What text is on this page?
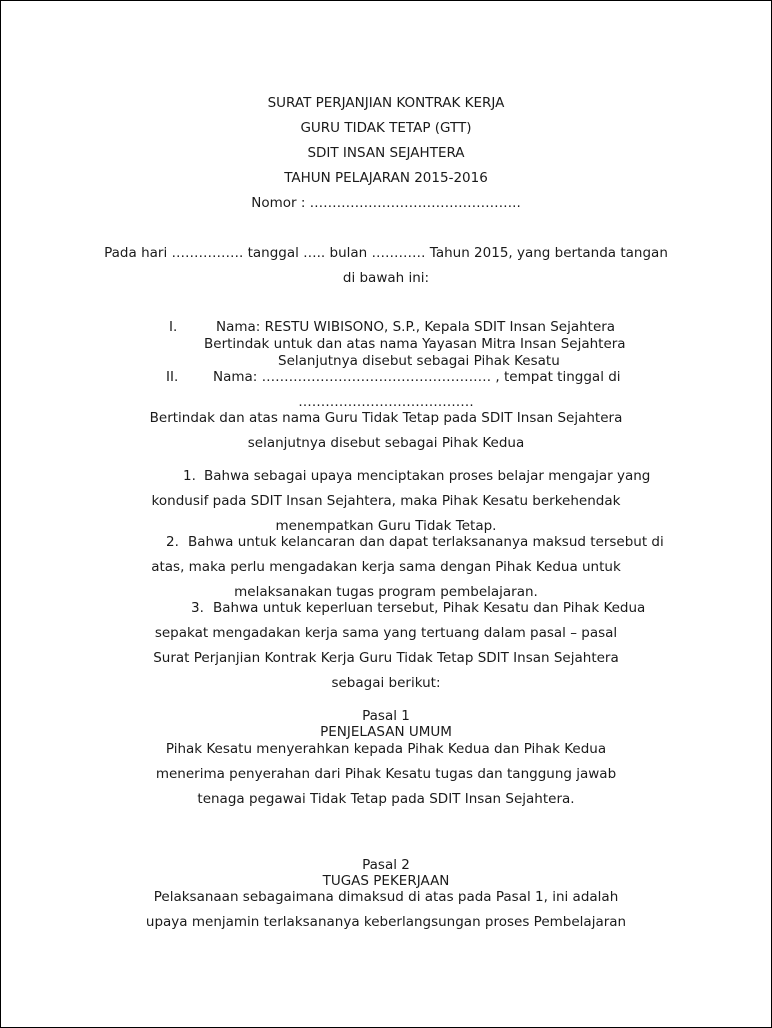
SURAT PERJANJIAN KONTRAK KERJA
GURU TIDAK TETAP (GTT)
SDIT INSAN SEJAHTERA
TAHUN PELAJARAN 2015-2016
Nomor : ………………………………………..
Pada hari ……………. tanggal ….. bulan ………… Tahun 2015, yang bertanda tangan
di bawah ini:
I.	Nama: RESTU WIBISONO, S.P., Kepala SDIT Insan Sejahtera
Bertindak untuk dan atas nama Yayasan Mitra Insan Sejahtera
Selanjutnya disebut sebagai Pihak Kesatu
II.	Nama: …………………………………………… , tempat tinggal di
…………………………………
Bertindak dan atas nama Guru Tidak Tetap pada SDIT Insan Sejahtera
selanjutnya disebut sebagai Pihak Kedua
1. Bahwa sebagai upaya menciptakan proses belajar mengajar yang
kondusif pada SDIT Insan Sejahtera, maka Pihak Kesatu berkehendak
menempatkan Guru Tidak Tetap.
2. Bahwa untuk kelancaran dan dapat terlaksananya maksud tersebut di
atas, maka perlu mengadakan kerja sama dengan Pihak Kedua untuk
melaksanakan tugas program pembelajaran.
3. Bahwa untuk keperluan tersebut, Pihak Kesatu dan Pihak Kedua
sepakat mengadakan kerja sama yang tertuang dalam pasal – pasal
Surat Perjanjian Kontrak Kerja Guru Tidak Tetap SDIT Insan Sejahtera
sebagai berikut:
Pasal 1
PENJELASAN UMUM
Pihak Kesatu menyerahkan kepada Pihak Kedua dan Pihak Kedua
menerima penyerahan dari Pihak Kesatu tugas dan tanggung jawab
tenaga pegawai Tidak Tetap pada SDIT Insan Sejahtera.
Pasal 2
TUGAS PEKERJAAN
Pelaksanaan sebagaimana dimaksud di atas pada Pasal 1, ini adalah
upaya menjamin terlaksananya keberlangsungan proses Pembelajaran
